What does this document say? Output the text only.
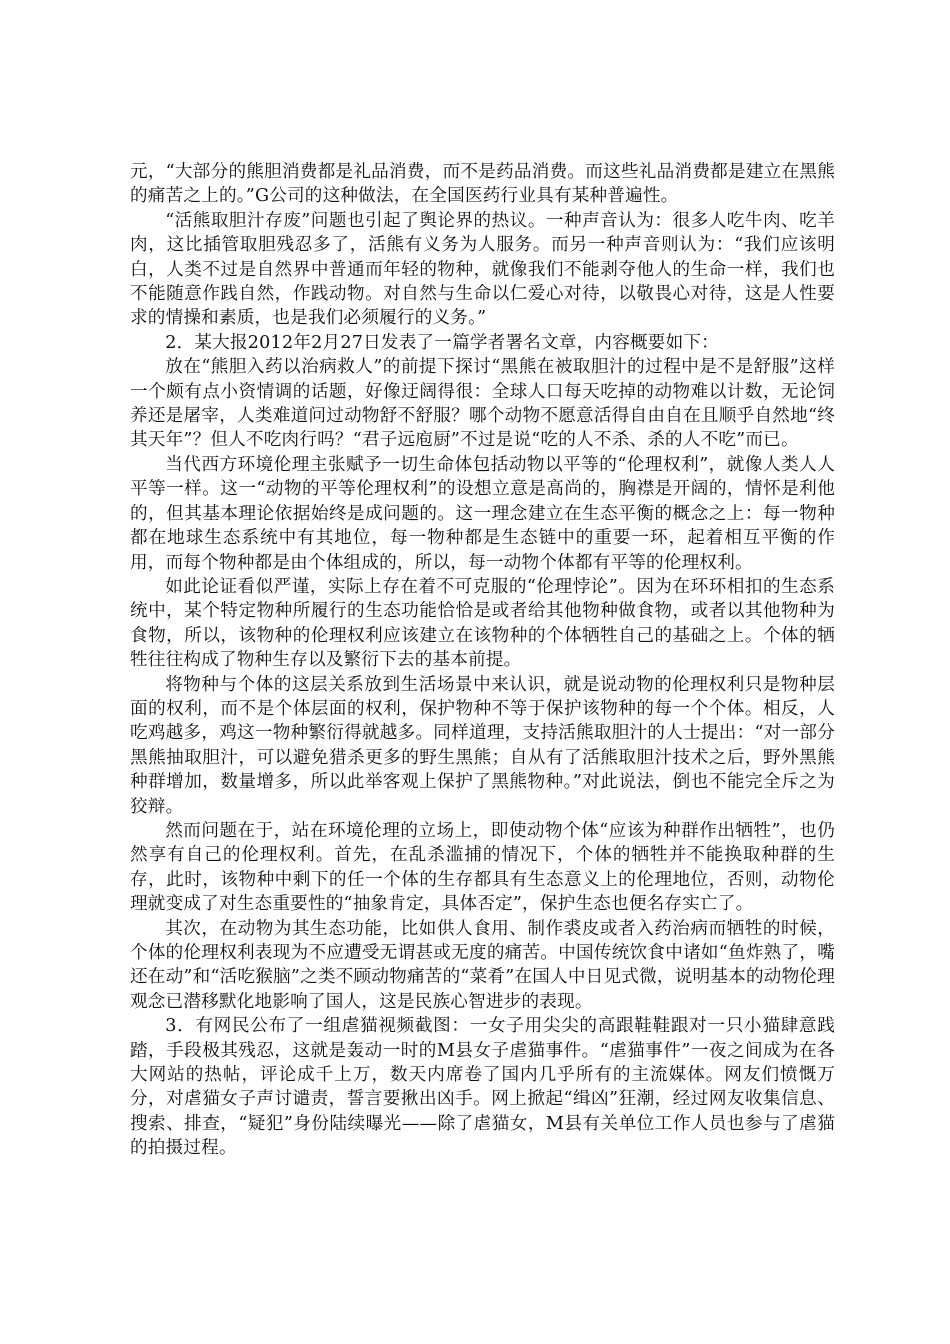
元，“大部分的熊胆消费都是礼品消费，而不是药品消费。而这些礼品消费都是建立在黑熊的痛苦之上的。”G公司的这种做法，在全国医药行业具有某种普遍性。

“活熊取胆汁存废”问题也引起了舆论界的热议。一种声音认为：很多人吃牛肉、吃羊肉，这比插管取胆残忍多了，活熊有义务为人服务。而另一种声音则认为：“我们应该明白，人类不过是自然界中普通而年轻的物种，就像我们不能剥夺他人的生命一样，我们也不能随意作践自然，作践动物。对自然与生命以仁爱心对待，以敬畏心对待，这是人性要求的情操和素质，也是我们必须履行的义务。”

2．某大报2012年2月27日发表了一篇学者署名文章，内容概要如下：

放在“熊胆入药以治病救人”的前提下探讨“黑熊在被取胆汁的过程中是不是舒服”这样一个颇有点小资情调的话题，好像迂阔得很：全球人口每天吃掉的动物难以计数，无论饲养还是屠宰，人类难道问过动物舒不舒服？哪个动物不愿意活得自由自在且顺乎自然地“终其天年”？但人不吃肉行吗？“君子远庖厨”不过是说“吃的人不杀、杀的人不吃”而已。

当代西方环境伦理主张赋予一切生命体包括动物以平等的“伦理权利”，就像人类人人平等一样。这一“动物的平等伦理权利”的设想立意是高尚的，胸襟是开阔的，情怀是利他的，但其基本理论依据始终是成问题的。这一理念建立在生态平衡的概念之上：每一物种都在地球生态系统中有其地位，每一物种都是生态链中的重要一环，起着相互平衡的作用，而每个物种都是由个体组成的，所以，每一动物个体都有平等的伦理权利。

如此论证看似严谨，实际上存在着不可克服的“伦理悖论”。因为在环环相扣的生态系统中，某个特定物种所履行的生态功能恰恰是或者给其他物种做食物，或者以其他物种为食物，所以，该物种的伦理权利应该建立在该物种的个体牺牲自己的基础之上。个体的牺牲往往构成了物种生存以及繁衍下去的基本前提。

将物种与个体的这层关系放到生活场景中来认识，就是说动物的伦理权利只是物种层面的权利，而不是个体层面的权利，保护物种不等于保护该物种的每一个个体。相反，人吃鸡越多，鸡这一物种繁衍得就越多。同样道理，支持活熊取胆汁的人士提出：“对一部分黑熊抽取胆汁，可以避免猎杀更多的野生黑熊；自从有了活熊取胆汁技术之后，野外黑熊种群增加，数量增多，所以此举客观上保护了黑熊物种。”对此说法，倒也不能完全斥之为狡辩。

然而问题在于，站在环境伦理的立场上，即使动物个体“应该为种群作出牺牲”，也仍然享有自己的伦理权利。首先，在乱杀滥捕的情况下，个体的牺牲并不能换取种群的生存，此时，该物种中剩下的任一个体的生存都具有生态意义上的伦理地位，否则，动物伦理就变成了对生态重要性的“抽象肯定，具体否定”，保护生态也便名存实亡了。

其次，在动物为其生态功能，比如供人食用、制作裘皮或者入药治病而牺牲的时候，个体的伦理权利表现为不应遭受无谓甚或无度的痛苦。中国传统饮食中诸如“鱼炸熟了，嘴还在动”和“活吃猴脑”之类不顾动物痛苦的“菜肴”在国人中日见式微，说明基本的动物伦理观念已潜移默化地影响了国人，这是民族心智进步的表现。

3．有网民公布了一组虐猫视频截图：一女子用尖尖的高跟鞋鞋跟对一只小猫肆意践踏，手段极其残忍，这就是轰动一时的M县女子虐猫事件。“虐猫事件”一夜之间成为在各大网站的热帖，评论成千上万，数天内席卷了国内几乎所有的主流媒体。网友们愤慨万分，对虐猫女子声讨谴责，誓言要揪出凶手。网上掀起“缉凶”狂潮，经过网友收集信息、搜索、排查，“疑犯”身份陆续曝光——除了虐猫女，M县有关单位工作人员也参与了虐猫的拍摄过程。
